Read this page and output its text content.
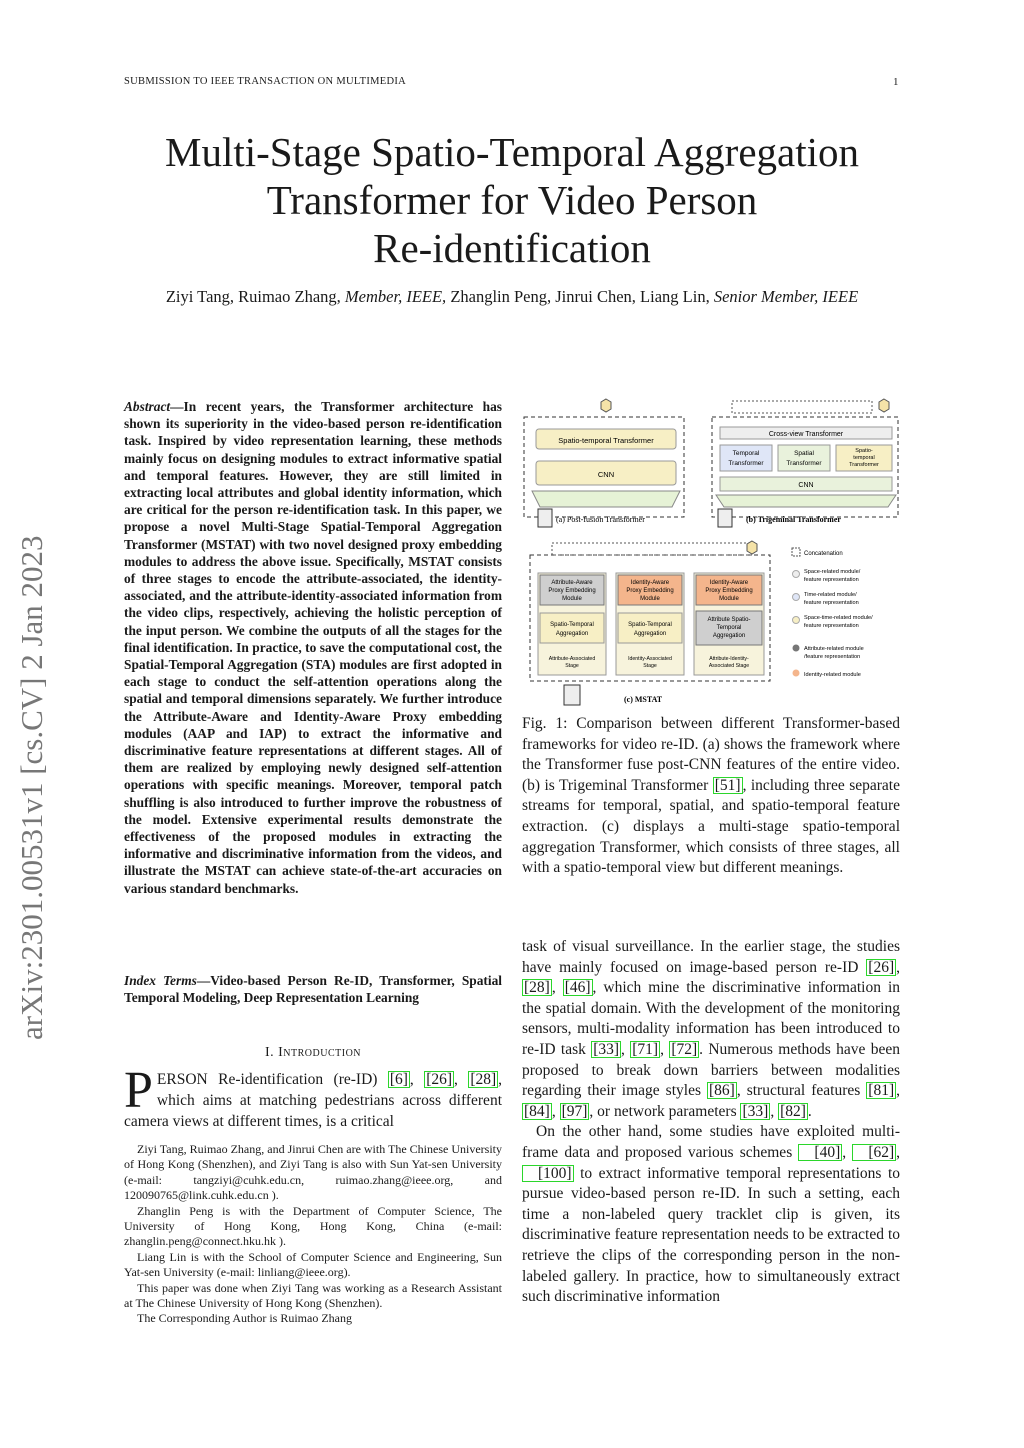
SUBMISSION TO IEEE TRANSACTION ON MULTIMEDIA	1
Multi-Stage Spatio-Temporal Aggregation
Transformer for Video Person
Re-identification
Ziyi Tang, Ruimao Zhang, Member, IEEE, Zhanglin Peng, Jinrui Chen, Liang Lin, Senior Member, IEEE
arXiv:2301.00531v1 [cs.CV] 2 Jan 2023
Abstract—In recent years, the Transformer architecture has shown its superiority in the video-based person re-identification task. Inspired by video representation learning, these methods mainly focus on designing modules to extract informative spatial and temporal features. However, they are still limited in extracting local attributes and global identity information, which are critical for the person re-identification task. In this paper, we propose a novel Multi-Stage Spatial-Temporal Aggregation Transformer (MSTAT) with two novel designed proxy embedding modules to address the above issue. Specifically, MSTAT consists of three stages to encode the attribute-associated, the identity-associated, and the attribute-identity-associated information from the video clips, respectively, achieving the holistic perception of the input person. We combine the outputs of all the stages for the final identification. In practice, to save the computational cost, the Spatial-Temporal Aggregation (STA) modules are first adopted in each stage to conduct the self-attention operations along the spatial and temporal dimensions separately. We further introduce the Attribute-Aware and Identity-Aware Proxy embedding modules (AAP and IAP) to extract the informative and discriminative feature representations at different stages. All of them are realized by employing newly designed self-attention operations with specific meanings. Moreover, temporal patch shuffling is also introduced to further improve the robustness of the model. Extensive experimental results demonstrate the effectiveness of the proposed modules in extracting the informative and discriminative information from the videos, and illustrate the MSTAT can achieve state-of-the-art accuracies on various standard benchmarks.
Index Terms—Video-based Person Re-ID, Transformer, Spatial Temporal Modeling, Deep Representation Learning
I. Introduction
PERSON Re-identification (re-ID) [6] , [26] , [28] , which aims at matching pedestrians across different camera views at different times, is a critical

Ziyi Tang, Ruimao Zhang, and Jinrui Chen are with The Chinese University of Hong Kong (Shenzhen), and Ziyi Tang is also with Sun Yat-sen University (e-mail: tangziyi@cuhk.edu.cn, ruimao.zhang@ieee.org, and 120090765@link.cuhk.edu.cn ).

Zhanglin Peng is with the Department of Computer Science, The University of Hong Kong, Hong Kong, China (e-mail: zhanglin.peng@connect.hku.hk ).

Liang Lin is with the School of Computer Science and Engineering, Sun Yat-sen University (e-mail: linliang@ieee.org).

This paper was done when Ziyi Tang was working as a Research Assistant at The Chinese University of Hong Kong (Shenzhen).

The Corresponding Author is Ruimao Zhang

Spatio-temporal Transformer
CNN
(a) Post-fusion Transformer
Cross-view Transformer
Temporal
Transformer
Spatial
Transformer
Spatio-
temporal
Transformer
CNN
(b) Trigeminal Transformer
Attribute-Aware
Proxy Embedding
Module
Spatio-Temporal
Aggregation
Attribute-Associated
Stage
Identity-Aware
Proxy Embedding
Module
Spatio-Temporal
Aggregation
Identity-Associated
Stage
Identity-Aware
Proxy Embedding
Module
Attribute Spatio-
Temporal
Aggregation
Attribute-Identity-
Associated Stage
(c) MSTAT
Concatenation
Space-related module/
feature representation
Time-related module/
feature representation
Space-time-related module/
feature representation
Attribute-related module
/feature representation
Identity-related module
Fig. 1: Comparison between different Transformer-based frameworks for video re-ID. (a) shows the framework where the Transformer fuse post-CNN features of the entire video. (b) is Trigeminal Transformer [51] , including three separate streams for temporal, spatial, and spatio-temporal feature extraction. (c) displays a multi-stage spatio-temporal aggregation Transformer, which consists of three stages, all with a spatio-temporal view but different meanings.

task of visual surveillance. In the earlier stage, the studies have mainly focused on image-based person re-ID [26] , [28] , [46] , which mine the discriminative information in the spatial domain. With the development of the monitoring sensors, multi-modality information has been introduced to re-ID task [33] , [71] , [72] . Numerous methods have been proposed to break down barriers between modalities regarding their image styles [86] , structural features [81] , [84] , [97] , or network parameters [33] , [82] .

On the other hand, some studies have exploited multi-frame data and proposed various schemes [40] , [62] , [100] to extract informative temporal representations to pursue video-based person re-ID. In such a setting, each time a non-labeled query tracklet clip is given, its discriminative feature representation needs to be extracted to retrieve the clips of the corresponding person in the non-labeled gallery. In practice, how to simultaneously extract such discriminative information
